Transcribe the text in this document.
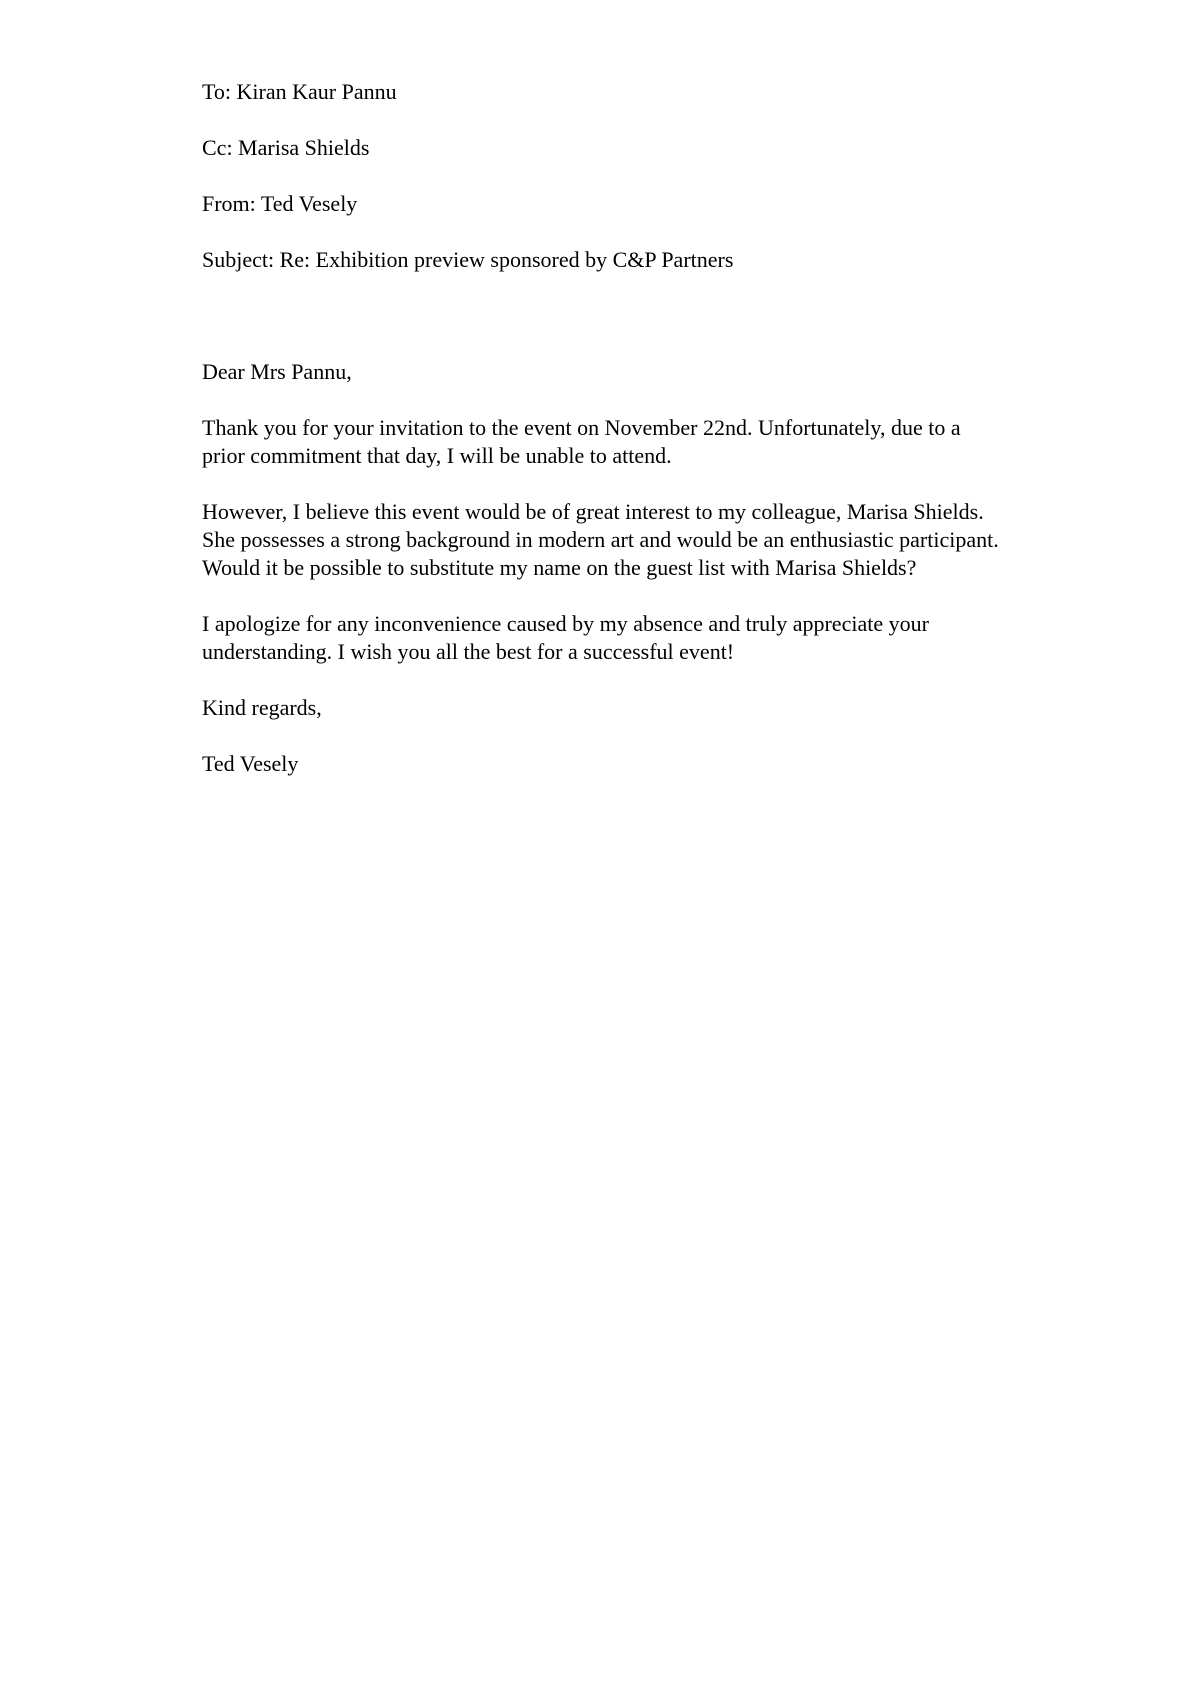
To: Kiran Kaur Pannu

Cc: Marisa Shields

From: Ted Vesely

Subject: Re: Exhibition preview sponsored by C&P Partners

Dear Mrs Pannu,

Thank you for your invitation to the event on November 22nd. Unfortunately, due to a

prior commitment that day, I will be unable to attend.

However, I believe this event would be of great interest to my colleague, Marisa Shields.

She possesses a strong background in modern art and would be an enthusiastic participant.

Would it be possible to substitute my name on the guest list with Marisa Shields?

I apologize for any inconvenience caused by my absence and truly appreciate your

understanding. I wish you all the best for a successful event!

Kind regards,

Ted Vesely
